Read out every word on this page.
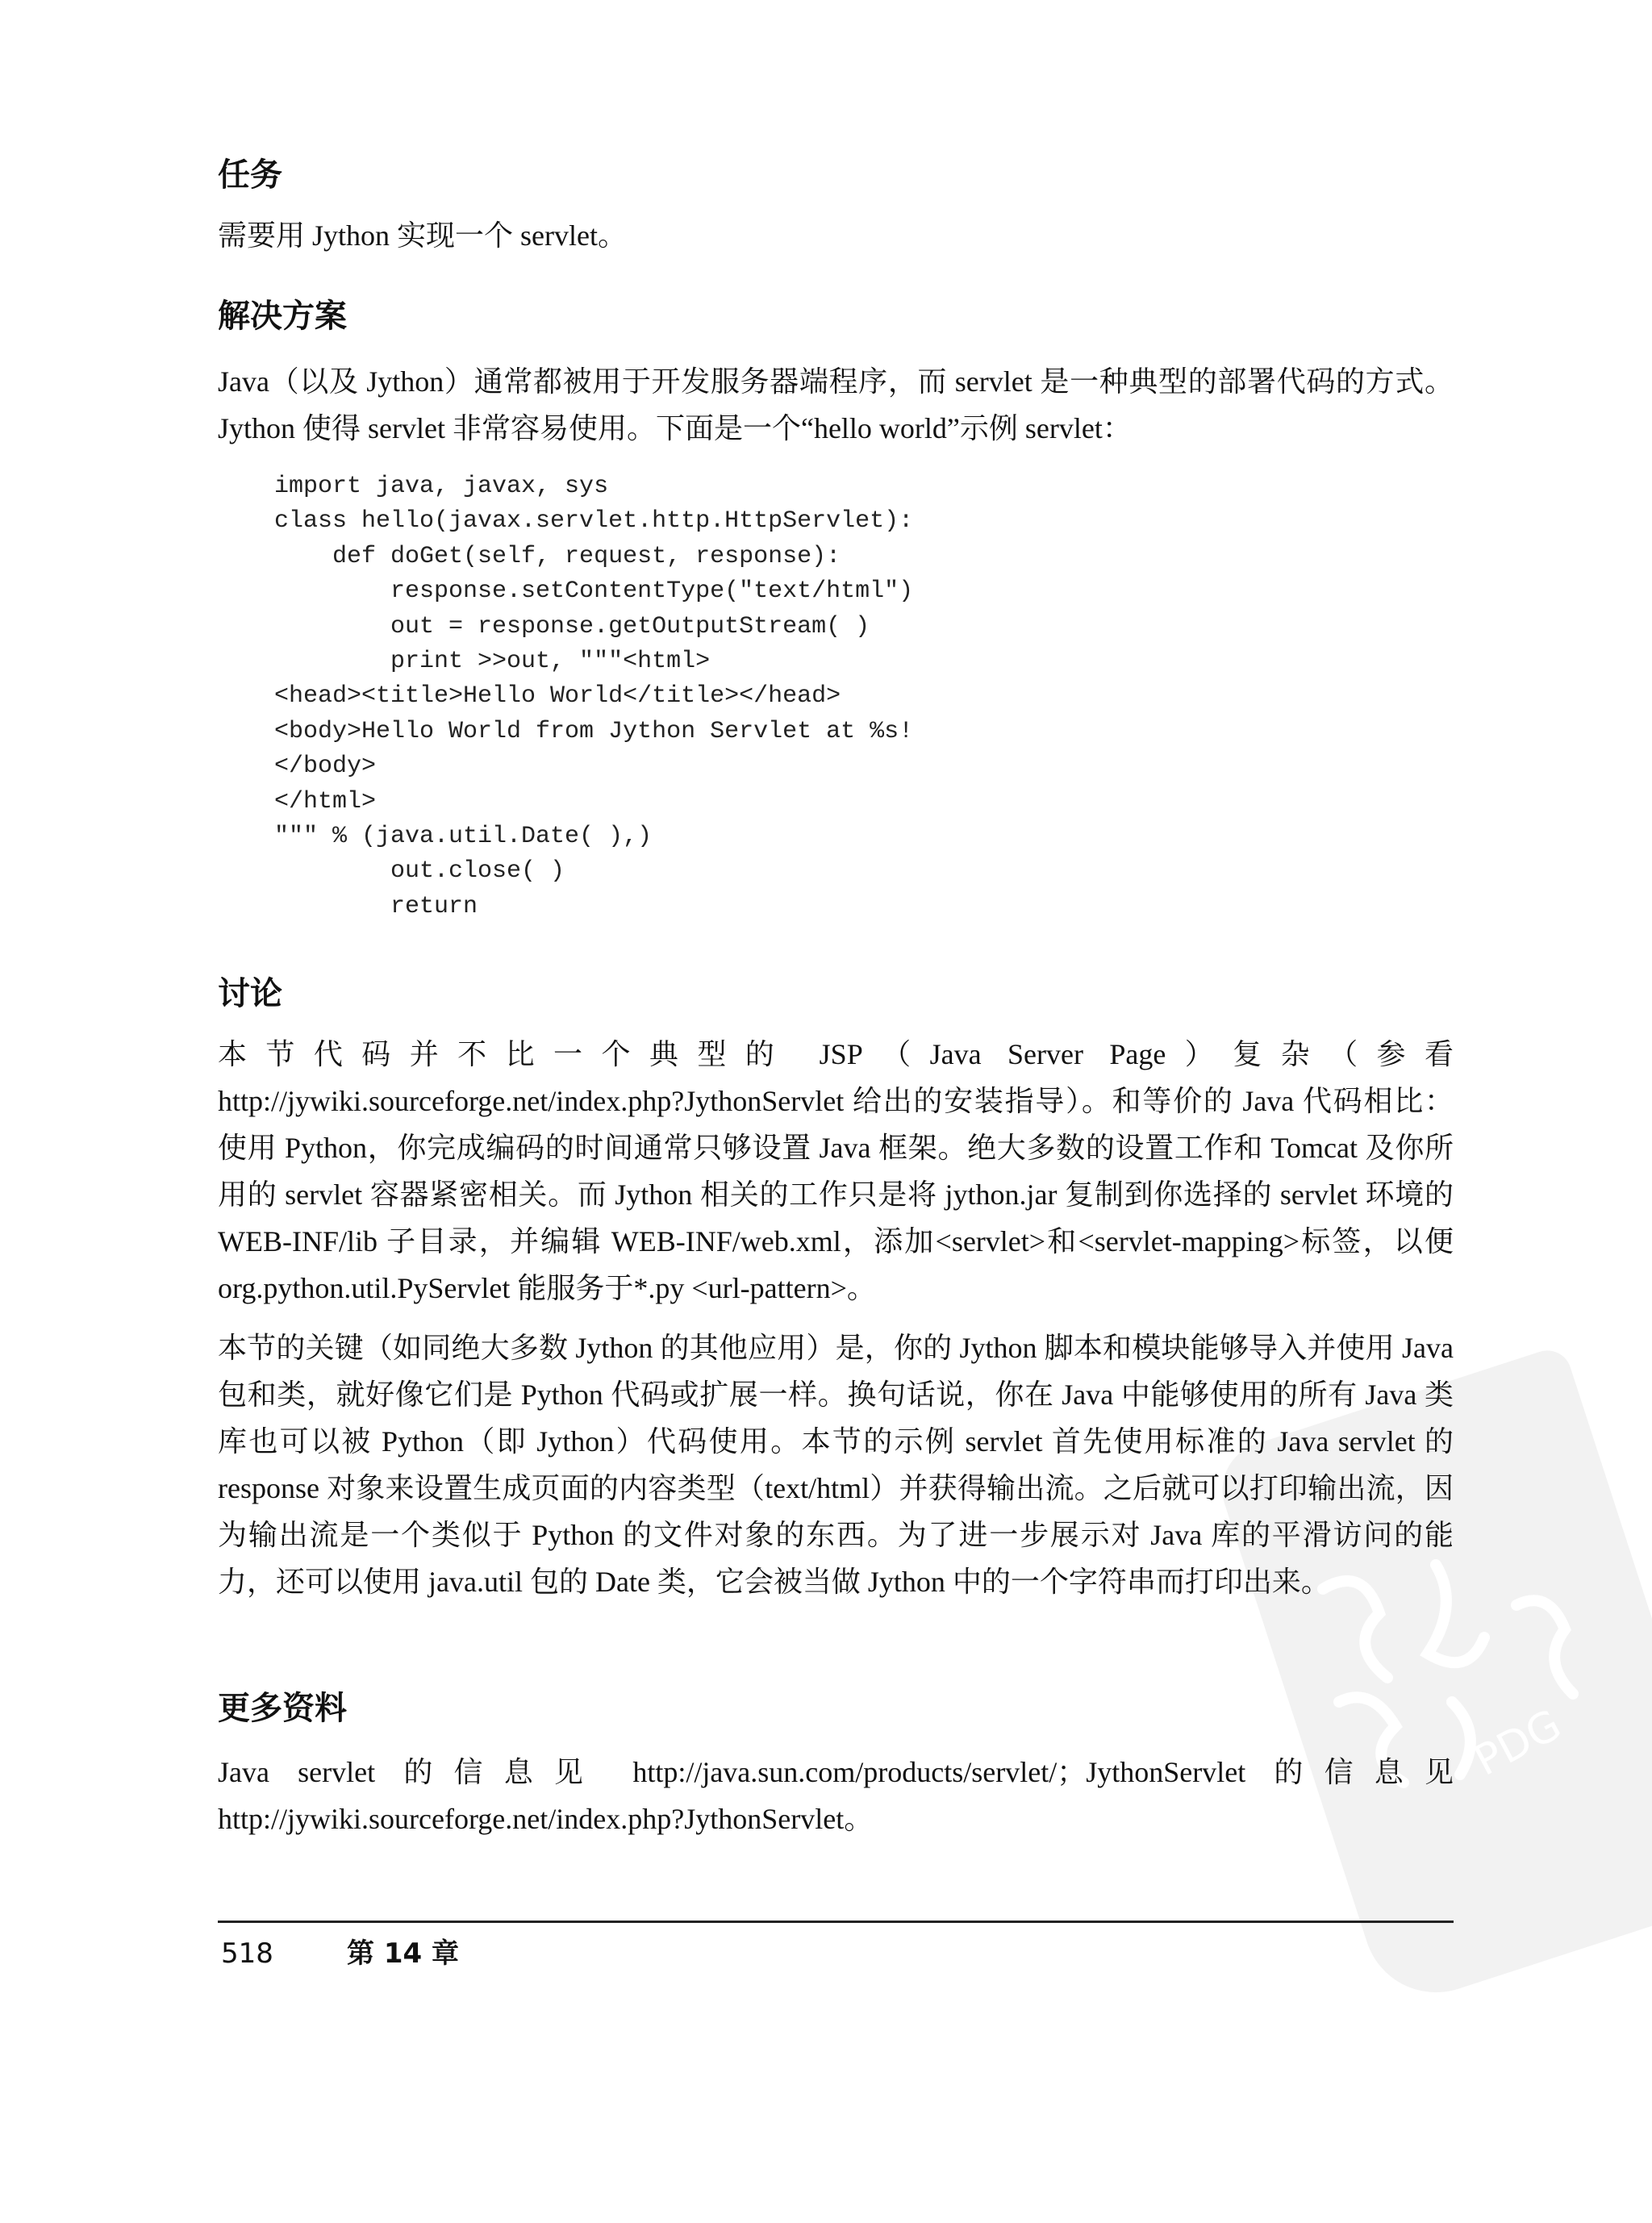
PDG
任务

需要用 Jython 实现一个 servlet。

解决方案

Java（以及 Jython）通常都被用于开发服务器端程序，而 servlet 是一种典型的部署代码的方式。Jython 使得 servlet 非常容易使用。下面是一个“hello world”示例 servlet：

import java, javax, sys
class hello(javax.servlet.http.HttpServlet):
def doGet(self, request, response):
response.setContentType("text/html")
out = response.getOutputStream( )
print >>out, """<html>
<head><title>Hello World</title></head>
<body>Hello World from Jython Servlet at %s!
</body>
</html>
""" % (java.util.Date( ),)
out.close( )
return
讨论

本节代码并不比一个典型的 JSP（Java Server Page）复杂（参看 http://jywiki.sourceforge.net/index.php?JythonServlet 给出的安装指导）。和等价的 Java 代码相比：使用 Python，你完成编码的时间通常只够设置 Java 框架。绝大多数的设置工作和 Tomcat 及你所用的 servlet 容器紧密相关。而 Jython 相关的工作只是将 jython.jar 复制到你选择的 servlet 环境的 WEB-INF/lib 子目录，并编辑 WEB-INF/web.xml，添加<servlet>和<servlet-mapping>标签，以便 org.python.util.PyServlet 能服务于*.py <url-pattern>。

本节的关键（如同绝大多数 Jython 的其他应用）是，你的 Jython 脚本和模块能够导入并使用 Java 包和类，就好像它们是 Python 代码或扩展一样。换句话说，你在 Java 中能够使用的所有 Java 类库也可以被 Python（即 Jython）代码使用。本节的示例 servlet 首先使用标准的 Java servlet 的 response 对象来设置生成页面的内容类型（text/html）并获得输出流。之后就可以打印输出流，因为输出流是一个类似于 Python 的文件对象的东西。为了进一步展示对 Java 库的平滑访问的能力，还可以使用 java.util 包的 Date 类，它会被当做 Jython 中的一个字符串而打印出来。

更多资料

Java servlet 的信息见 http://java.sun.com/products/servlet/；JythonServlet 的信息见 http://jywiki.sourceforge.net/index.php?JythonServlet。

518	第 14 章
